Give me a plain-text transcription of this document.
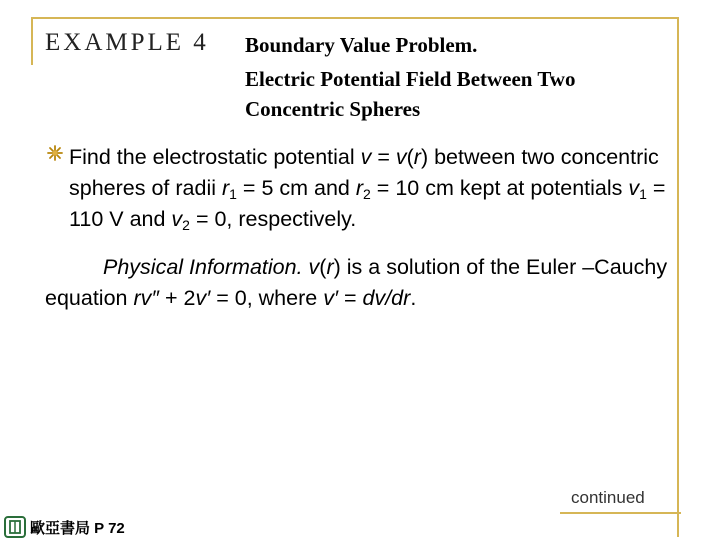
EXAMPLE 4 Boundary Value Problem.
Electric Potential Field Between Two Concentric Spheres
Find the electrostatic potential v = v(r) between two concentric spheres of radii $r_1 = 5$ cm and $r_2 = 10$ cm kept at potentials $v_1 = 110$ V and $v_2 = 0$, respectively.
Physical Information. v(r) is a solution of the Euler –Cauchy equation rv″ + 2v′ = 0, where v′ = dv/dr.
continued
歐亞書局 P 72
